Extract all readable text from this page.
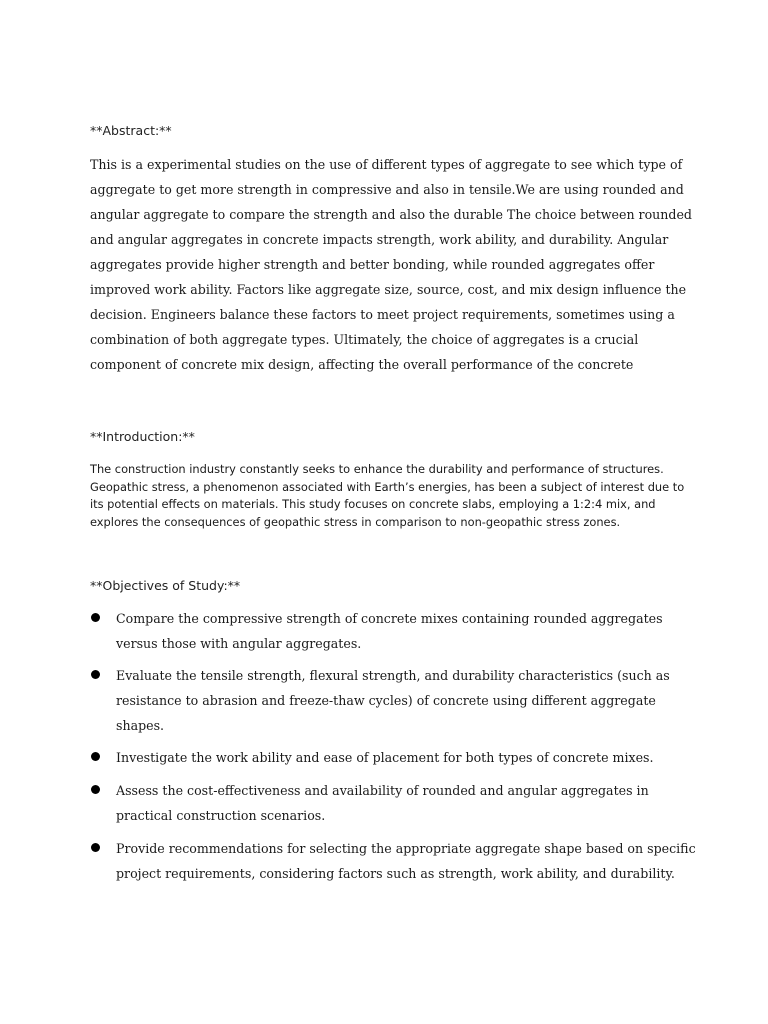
**Abstract:**

This is a experimental studies on the use of different types of aggregate to see which type of
aggregate to get more strength in compressive and also in tensile.We are using rounded and
angular aggregate to compare the strength and also the durable The choice between rounded
and angular aggregates in concrete impacts strength, work ability, and durability. Angular
aggregates provide higher strength and better bonding, while rounded aggregates offer
improved work ability. Factors like aggregate size, source, cost, and mix design influence the
decision. Engineers balance these factors to meet project requirements, sometimes using a
combination of both aggregate types. Ultimately, the choice of aggregates is a crucial
component of concrete mix design, affecting the overall performance of the concrete

**Introduction:**

The construction industry constantly seeks to enhance the durability and performance of structures.
Geopathic stress, a phenomenon associated with Earth’s energies, has been a subject of interest due to
its potential effects on materials. This study focuses on concrete slabs, employing a 1:2:4 mix, and
explores the consequences of geopathic stress in comparison to non-geopathic stress zones.

**Objectives of Study:**

Compare the compressive strength of concrete mixes containing rounded aggregates
versus those with angular aggregates.
Evaluate the tensile strength, flexural strength, and durability characteristics (such as
resistance to abrasion and freeze-thaw cycles) of concrete using different aggregate
shapes.
Investigate the work ability and ease of placement for both types of concrete mixes.
Assess the cost-effectiveness and availability of rounded and angular aggregates in
practical construction scenarios.
Provide recommendations for selecting the appropriate aggregate shape based on specific
project requirements, considering factors such as strength, work ability, and durability.
